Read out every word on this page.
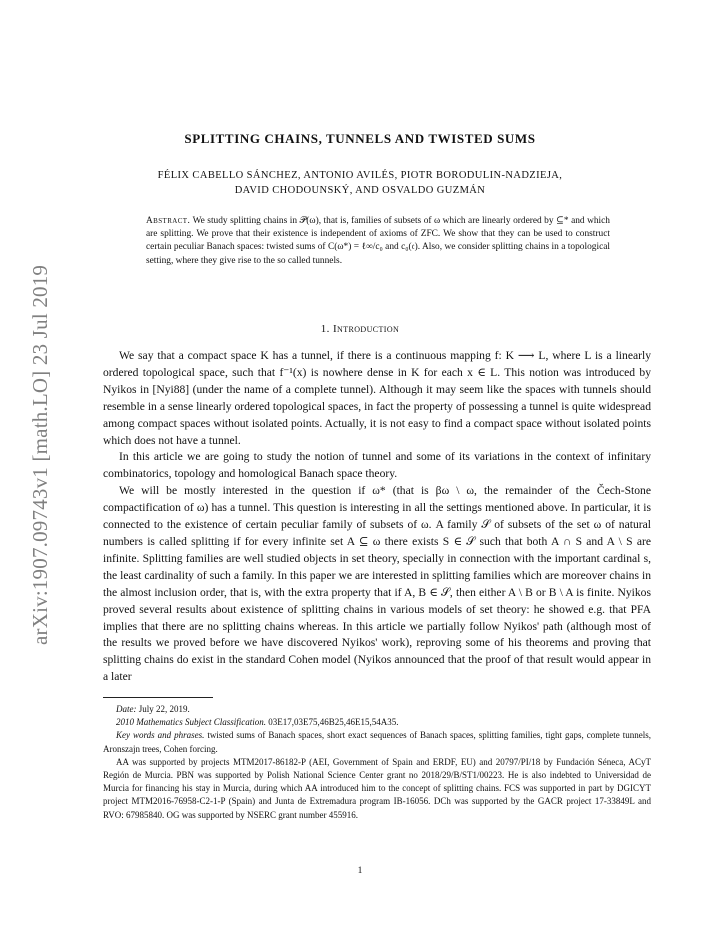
arXiv:1907.09743v1 [math.LO] 23 Jul 2019
SPLITTING CHAINS, TUNNELS AND TWISTED SUMS
FÉLIX CABELLO SÁNCHEZ, ANTONIO AVILÉS, PIOTR BORODULIN-NADZIEJA,
DAVID CHODOUNSKÝ, AND OSVALDO GUZMÁN
Abstract. We study splitting chains in 𝒫(ω), that is, families of subsets of ω which are linearly ordered by ⊆* and which are splitting. We prove that their existence is independent of axioms of ZFC. We show that they can be used to construct certain peculiar Banach spaces: twisted sums of C(ω*) = ℓ∞/c₀ and c₀(𝔠). Also, we consider splitting chains in a topological setting, where they give rise to the so called tunnels.
1. Introduction

We say that a compact space K has a tunnel, if there is a continuous mapping f: K ⟶ L, where L is a linearly ordered topological space, such that f⁻¹(x) is nowhere dense in K for each x ∈ L. This notion was introduced by Nyikos in [Nyi88] (under the name of a complete tunnel). Although it may seem like the spaces with tunnels should resemble in a sense linearly ordered topological spaces, in fact the property of possessing a tunnel is quite widespread among compact spaces without isolated points. Actually, it is not easy to find a compact space without isolated points which does not have a tunnel.

In this article we are going to study the notion of tunnel and some of its variations in the context of infinitary combinatorics, topology and homological Banach space theory.

We will be mostly interested in the question if ω* (that is βω \ ω, the remainder of the Čech-Stone compactification of ω) has a tunnel. This question is interesting in all the settings mentioned above. In particular, it is connected to the existence of certain peculiar family of subsets of ω. A family 𝒮 of subsets of the set ω of natural numbers is called splitting if for every infinite set A ⊆ ω there exists S ∈ 𝒮 such that both A ∩ S and A \ S are infinite. Splitting families are well studied objects in set theory, specially in connection with the important cardinal s, the least cardinality of such a family. In this paper we are interested in splitting families which are moreover chains in the almost inclusion order, that is, with the extra property that if A, B ∈ 𝒮, then either A \ B or B \ A is finite. Nyikos proved several results about existence of splitting chains in various models of set theory: he showed e.g. that PFA implies that there are no splitting chains whereas. In this article we partially follow Nyikos' path (although most of the results we proved before we have discovered Nyikos' work), reproving some of his theorems and proving that splitting chains do exist in the standard Cohen model (Nyikos announced that the proof of that result would appear in a later

Date: July 22, 2019.

2010 Mathematics Subject Classification. 03E17,03E75,46B25,46E15,54A35.

Key words and phrases. twisted sums of Banach spaces, short exact sequences of Banach spaces, splitting families, tight gaps, complete tunnels, Aronszajn trees, Cohen forcing.

AA was supported by projects MTM2017-86182-P (AEI, Government of Spain and ERDF, EU) and 20797/PI/18 by Fundación Séneca, ACyT Región de Murcia. PBN was supported by Polish National Science Center grant no 2018/29/B/ST1/00223. He is also indebted to Universidad de Murcia for financing his stay in Murcia, during which AA introduced him to the concept of splitting chains. FCS was supported in part by DGICYT project MTM2016-76958-C2-1-P (Spain) and Junta de Extremadura program IB-16056. DCh was supported by the GACR project 17-33849L and RVO: 67985840. OG was supported by NSERC grant number 455916.

1
